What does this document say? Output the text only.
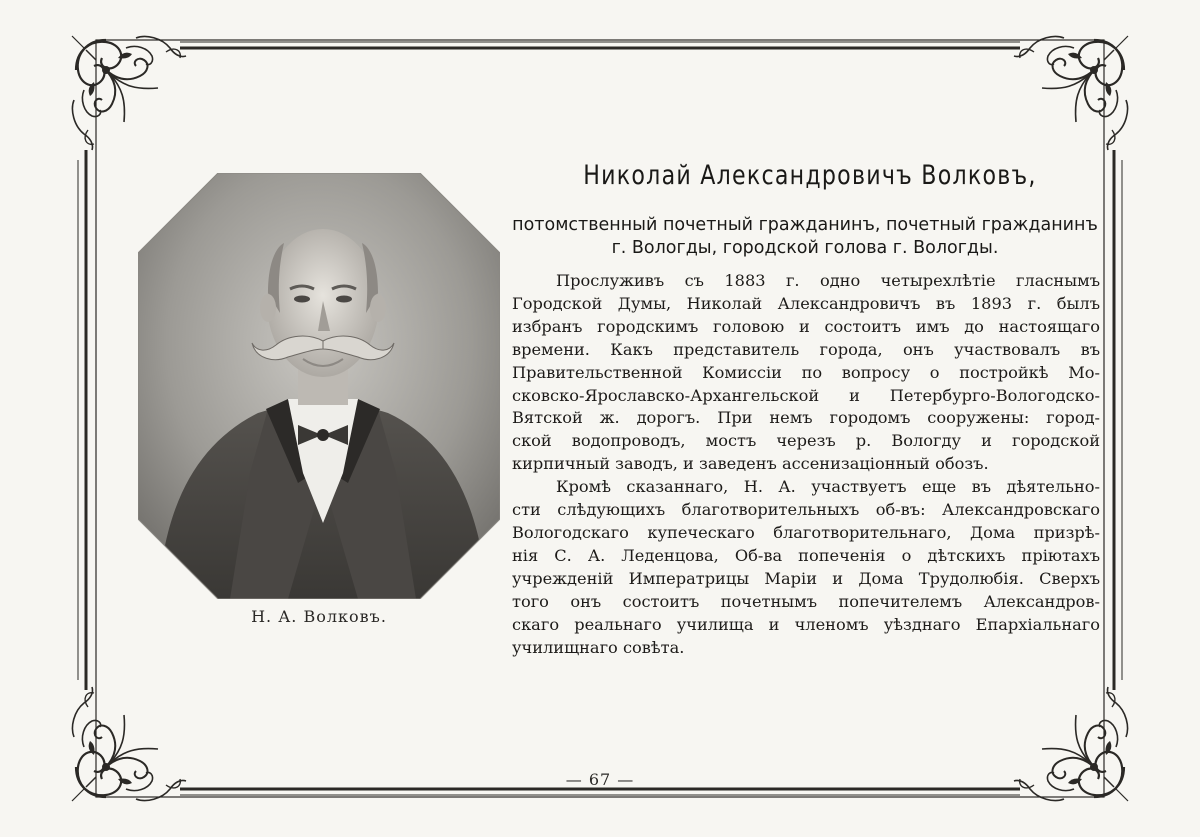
Н. А. Волковъ.
Николай Александровичъ Волковъ,
потомственный почетный гражданинъ, почетный гражданинъ
г. Вологды, городской голова г. Вологды.
Прослуживъ съ 1883 г. одно четырехлѣтіе гласнымъ
Городской Думы, Николай Александровичъ въ 1893 г. былъ
избранъ городскимъ головою и состоитъ имъ до настоящаго
времени. Какъ представитель города, онъ участвовалъ въ
Правительственной Комиссіи по вопросу о постройкѣ Мо-
сковско-Ярославско-Архангельской и Петербурго-Вологодско-
Вятской ж. дорогъ. При немъ городомъ сооружены: город-
ской водопроводъ, мостъ черезъ р. Вологду и городской
кирпичный заводъ, и заведенъ ассенизаціонный обозъ.
Кромѣ сказаннаго, Н. А. участвуетъ еще въ дѣятельно-
сти слѣдующихъ благотворительныхъ об-въ: Александровскаго
Вологодскаго купеческаго благотворительнаго, Дома призрѣ-
нія С. А. Леденцова, Об-ва попеченія о дѣтскихъ пріютахъ
учрежденій Императрицы Маріи и Дома Трудолюбія. Сверхъ
того онъ состоитъ почетнымъ попечителемъ Александров-
скаго реальнаго училища и членомъ уѣзднаго Епархіальнаго
училищнаго совѣта.
— 67 —
